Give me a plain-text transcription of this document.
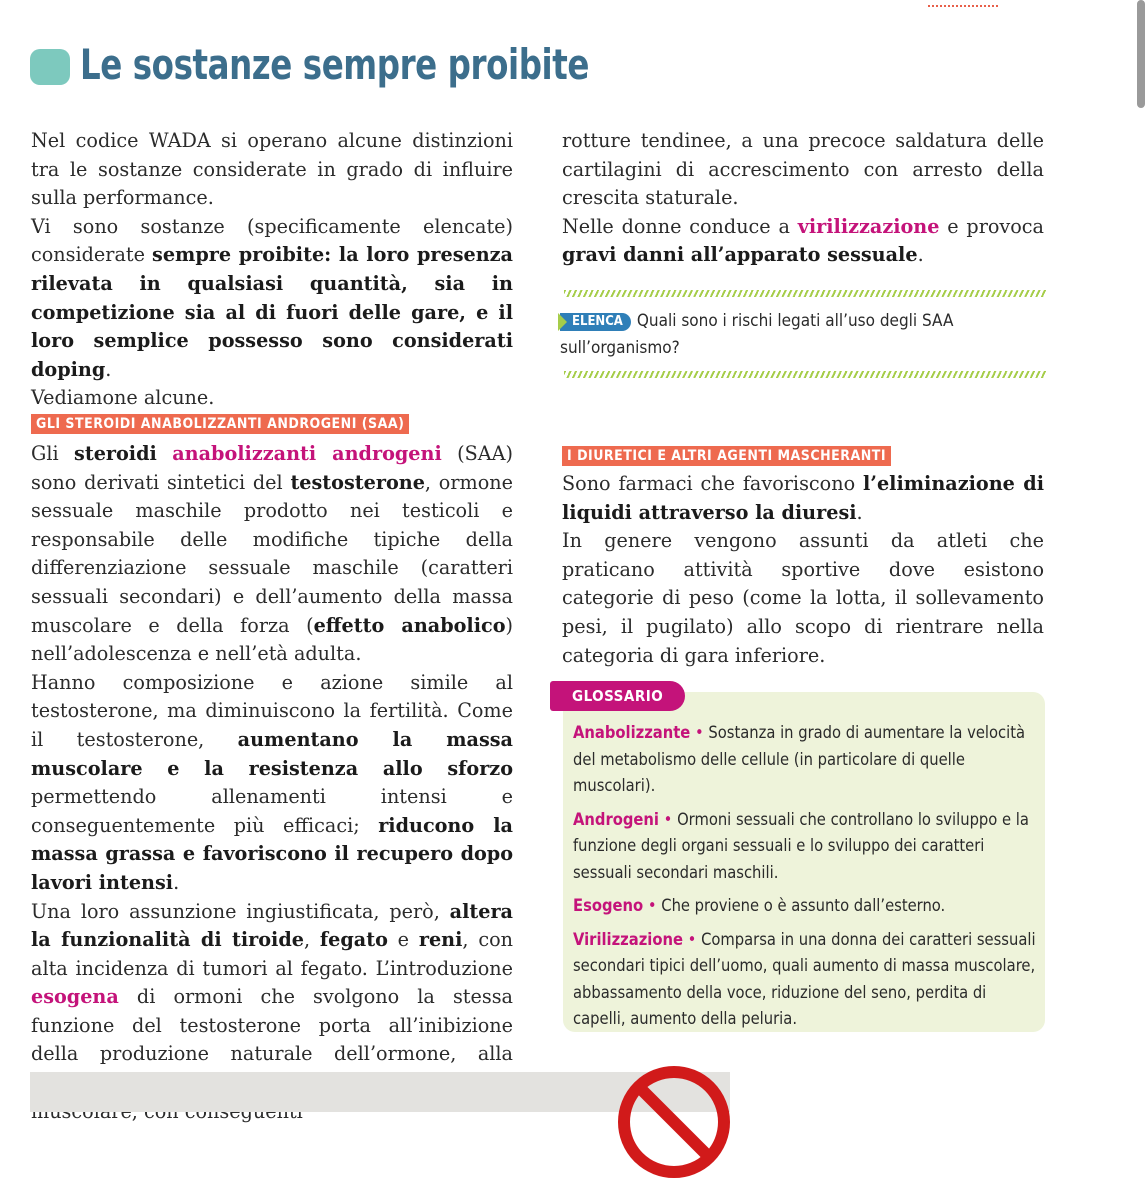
Le sostanze sempre proibite

Nel codice WADA si operano alcune distinzioni tra le sostanze considerate in grado di influire sulla performance.

Vi sono sostanze (specificamente elencate) considerate sempre proibite: la loro presenza rilevata in qualsiasi quantità, sia in competizione sia al di fuori delle gare, e il loro semplice possesso sono considerati doping.

Vediamone alcune.

GLI STEROIDI ANABOLIZZANTI ANDROGENI (SAA)

Gli steroidi anabolizzanti androgeni (SAA) sono derivati sintetici del testosterone, ormone sessuale maschile prodotto nei testicoli e responsabile delle modifiche tipiche della differenziazione sessuale maschile (caratteri sessuali secondari) e dell’aumento della massa muscolare e della forza (effetto anabolico) nell’adolescenza e nell’età adulta.

Hanno composizione e azione simile al testosterone, ma diminuiscono la fertilità. Come il testosterone, aumentano la massa muscolare e la resistenza allo sforzo permettendo allenamenti intensi e conseguentemente più efficaci; riducono la massa grassa e favoriscono il recupero dopo lavori intensi.

Una loro assunzione ingiustificata, però, altera la funzionalità di tiroide, fegato e reni, con alta incidenza di tumori al fegato. L’introduzione esogena di ormoni che svolgono la stessa funzione del testosterone porta all’inibizione della produzione naturale dell’ormone, alla

rotture tendinee, a una precoce saldatura delle cartilagini di accrescimento con arresto della crescita staturale.

Nelle donne conduce a virilizzazione e provoca gravi danni all’apparato sessuale.

ELENCA Quali sono i rischi legati all’uso degli SAA sull’organismo?
I DIURETICI E ALTRI AGENTI MASCHERANTI

Sono farmaci che favoriscono l’eliminazione di liquidi attraverso la diuresi.

In genere vengono assunti da atleti che praticano attività sportive dove esistono categorie di peso (come la lotta, il sollevamento pesi, il pugilato) allo scopo di rientrare nella categoria di gara inferiore.

GLOSSARIO

Anabolizzante • Sostanza in grado di aumentare la velocità del metabolismo delle cellule (in particolare di quelle muscolari).

Androgeni • Ormoni sessuali che controllano lo sviluppo e la funzione degli organi sessuali e lo sviluppo dei caratteri sessuali secondari maschili.

Esogeno • Che proviene o è assunto dall’esterno.

Virilizzazione • Comparsa in una donna dei caratteri sessuali secondari tipici dell’uomo, quali aumento di massa muscolare, abbassamento della voce, riduzione del seno, perdita di capelli, aumento della peluria.
